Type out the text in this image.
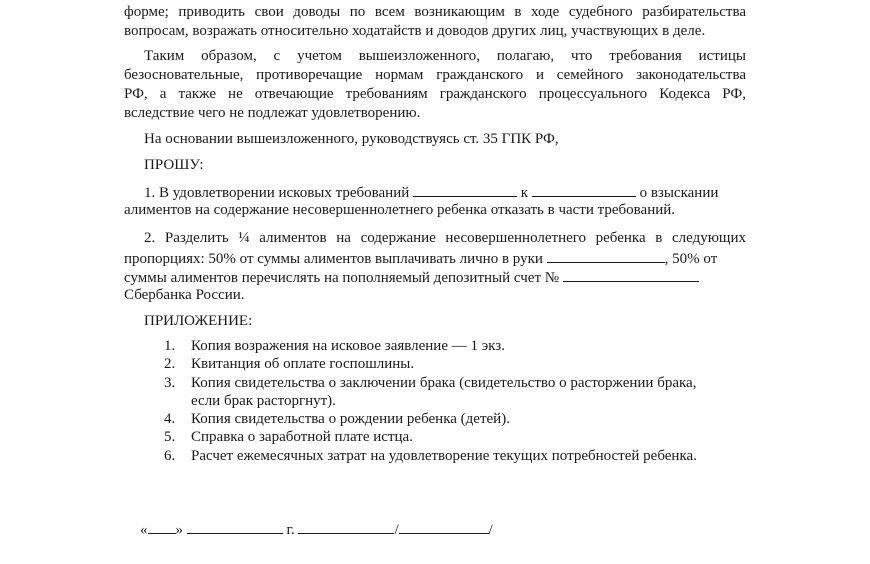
форме; приводить свои доводы по всем возникающим в ходе судебного разбирательства

вопросам, возражать относительно ходатайств и доводов других лиц, участвующих в деле.

Таким образом, с учетом вышеизложенного, полагаю, что требования истицы

безосновательные, противоречащие нормам гражданского и семейного законодательства

РФ, а также не отвечающие требованиям гражданского процессуального Кодекса РФ,

вследствие чего не подлежат удовлетворению.

На основании вышеизложенного, руководствуясь ст. 35 ГПК РФ,

ПРОШУ:

1. В удовлетворении исковых требований	к	о взыскании

алиментов на содержание несовершеннолетнего ребенка отказать в части требований.

2. Разделить ¼ алиментов на содержание несовершеннолетнего ребенка в следующих

пропорциях: 50% от суммы алиментов выплачивать лично в руки	, 50% от

суммы алиментов перечислять на пополняемый депозитный счет №

Сбербанка России.

ПРИЛОЖЕНИЕ:

1. Копия возражения на исковое заявление — 1 экз.
2. Квитанция об оплате госпошлины.
3. Копия свидетельства о заключении брака (свидетельство о расторжении брака,
если брак расторгнут).
4. Копия свидетельства о рождении ребенка (детей).
5. Справка о заработной плате истца.
6. Расчет ежемесячных затрат на удовлетворение текущих потребностей ребенка.

« »	г.	/	/
